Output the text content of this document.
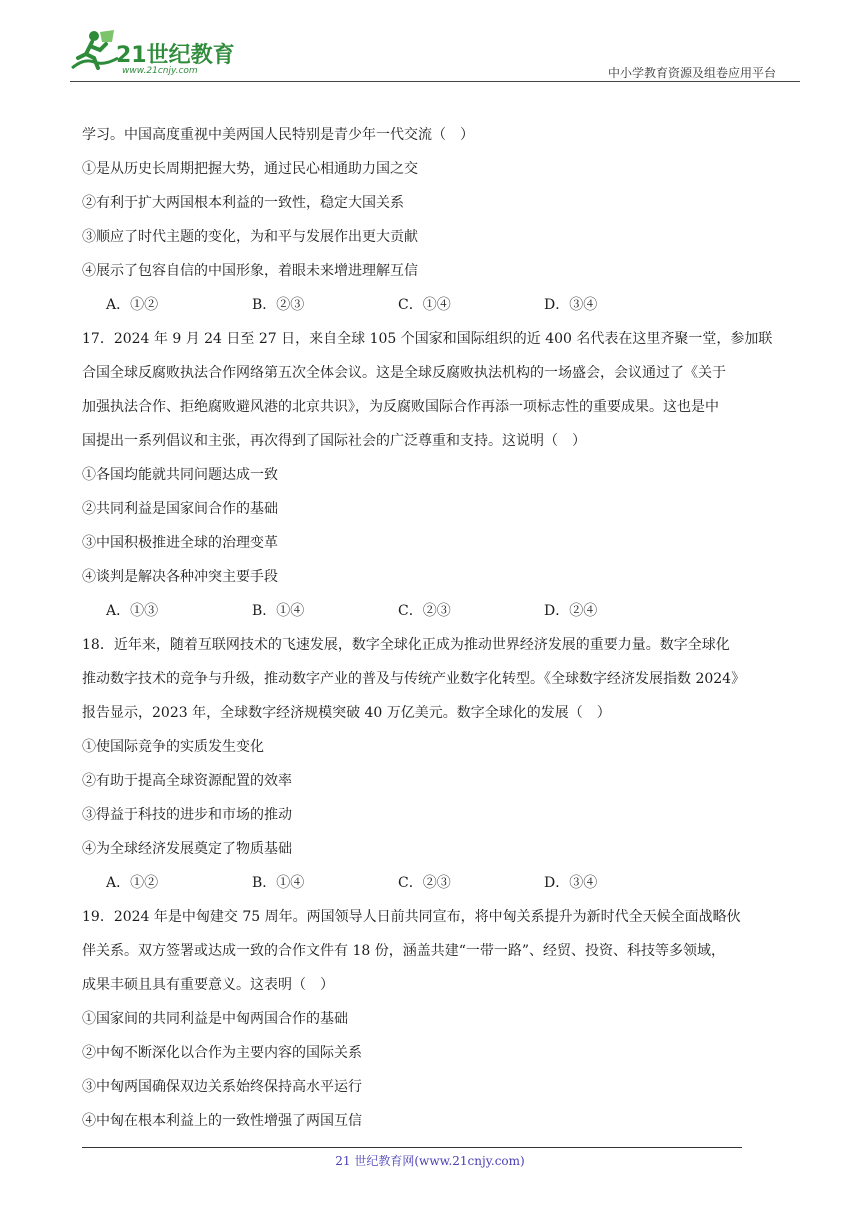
21世纪教育
www.21cnjy.com	中小学教育资源及组卷应用平台
学习。中国高度重视中美两国人民特别是青少年一代交流（　）
①是从历史长周期把握大势，通过民心相通助力国之交
②有利于扩大两国根本利益的一致性，稳定大国关系
③顺应了时代主题的变化，为和平与发展作出更大贡献
④展示了包容自信的中国形象，着眼未来增进理解互信
A．①②	B．②③	C．①④	D．③④
17．2024 年 9 月 24 日至 27 日，来自全球 105 个国家和国际组织的近 400 名代表在这里齐聚一堂，参加联
合国全球反腐败执法合作网络第五次全体会议。这是全球反腐败执法机构的一场盛会，会议通过了《关于
加强执法合作、拒绝腐败避风港的北京共识》，为反腐败国际合作再添一项标志性的重要成果。这也是中
国提出一系列倡议和主张，再次得到了国际社会的广泛尊重和支持。这说明（　）
①各国均能就共同问题达成一致
②共同利益是国家间合作的基础
③中国积极推进全球的治理变革
④谈判是解决各种冲突主要手段
A．①③	B．①④	C．②③	D．②④
18．近年来，随着互联网技术的飞速发展，数字全球化正成为推动世界经济发展的重要力量。数字全球化
推动数字技术的竞争与升级，推动数字产业的普及与传统产业数字化转型。《全球数字经济发展指数 2024》
报告显示，2023 年，全球数字经济规模突破 40 万亿美元。数字全球化的发展（　）
①使国际竞争的实质发生变化
②有助于提高全球资源配置的效率
③得益于科技的进步和市场的推动
④为全球经济发展奠定了物质基础
A．①②	B．①④	C．②③	D．③④
19．2024 年是中匈建交 75 周年。两国领导人日前共同宣布，将中匈关系提升为新时代全天候全面战略伙
伴关系。双方签署或达成一致的合作文件有 18 份，涵盖共建“一带一路”、经贸、投资、科技等多领域，
成果丰硕且具有重要意义。这表明（　）
①国家间的共同利益是中匈两国合作的基础
②中匈不断深化以合作为主要内容的国际关系
③中匈两国确保双边关系始终保持高水平运行
④中匈在根本利益上的一致性增强了两国互信
21 世纪教育网(www.21cnjy.com)
